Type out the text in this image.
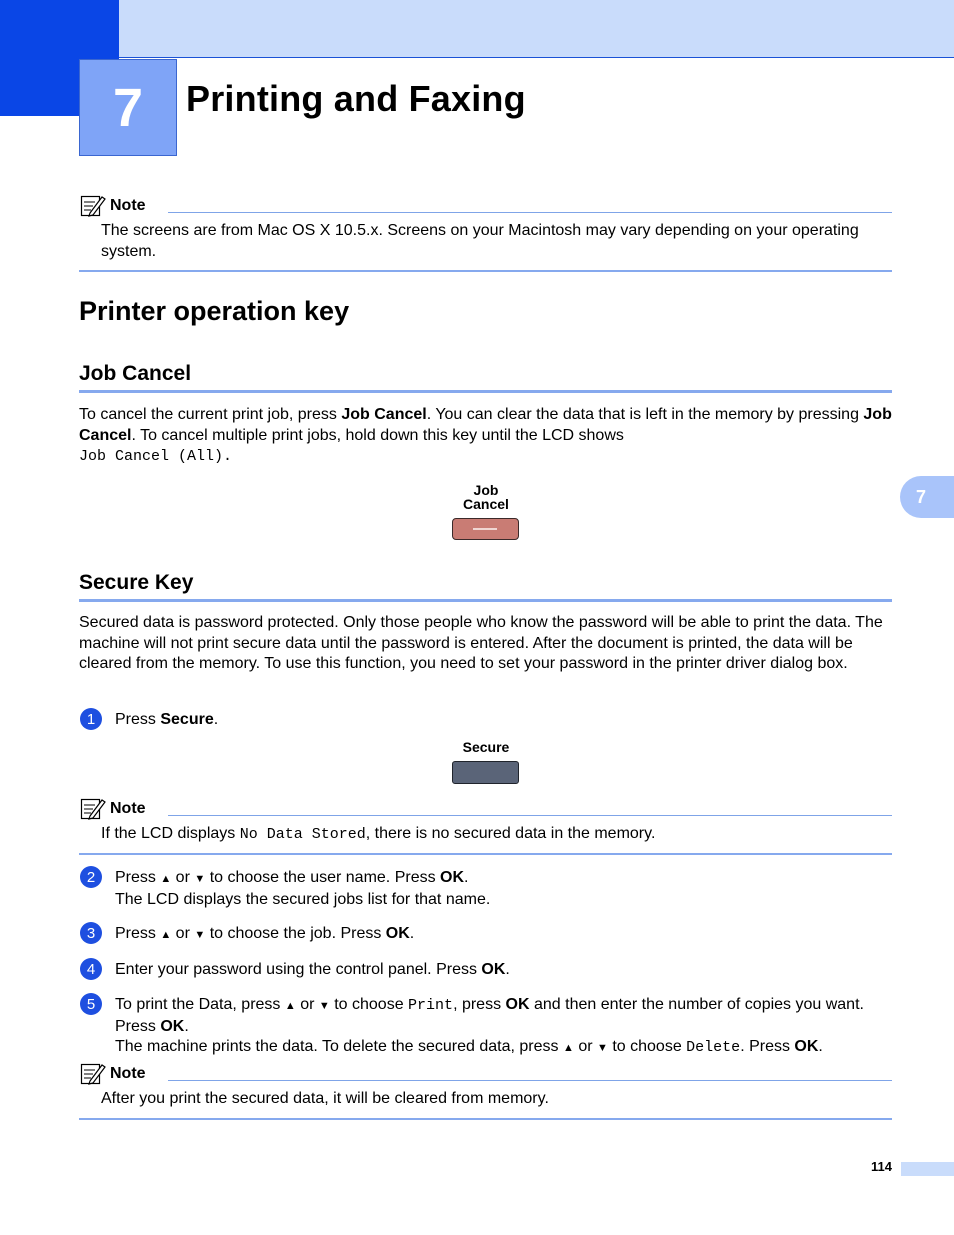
7	Printing and Faxing
7
Note
The screens are from Mac OS X 10.5.x. Screens on your Macintosh may vary depending on your operating system.
Printer operation key
Job Cancel
To cancel the current print job, press Job Cancel. You can clear the data that is left in the memory by pressing Job Cancel. To cancel multiple print jobs, hold down this key until the LCD shows
Job Cancel (All).
Job
Cancel
Secure Key
Secured data is password protected. Only those people who know the password will be able to print the data. The machine will not print secure data until the password is entered. After the document is printed, the data will be cleared from the memory. To use this function, you need to set your password in the printer driver dialog box.
1	Press Secure.
Secure
Note
If the LCD displays No Data Stored, there is no secured data in the memory.
2	Press ▲ or ▼ to choose the user name. Press OK.
The LCD displays the secured jobs list for that name.
3	Press ▲ or ▼ to choose the job. Press OK.
4	Enter your password using the control panel. Press OK.
5	To print the Data, press ▲ or ▼ to choose Print, press OK and then enter the number of copies you want. Press OK.
The machine prints the data. To delete the secured data, press ▲ or ▼ to choose Delete. Press OK.
Note
After you print the secured data, it will be cleared from memory.
114
